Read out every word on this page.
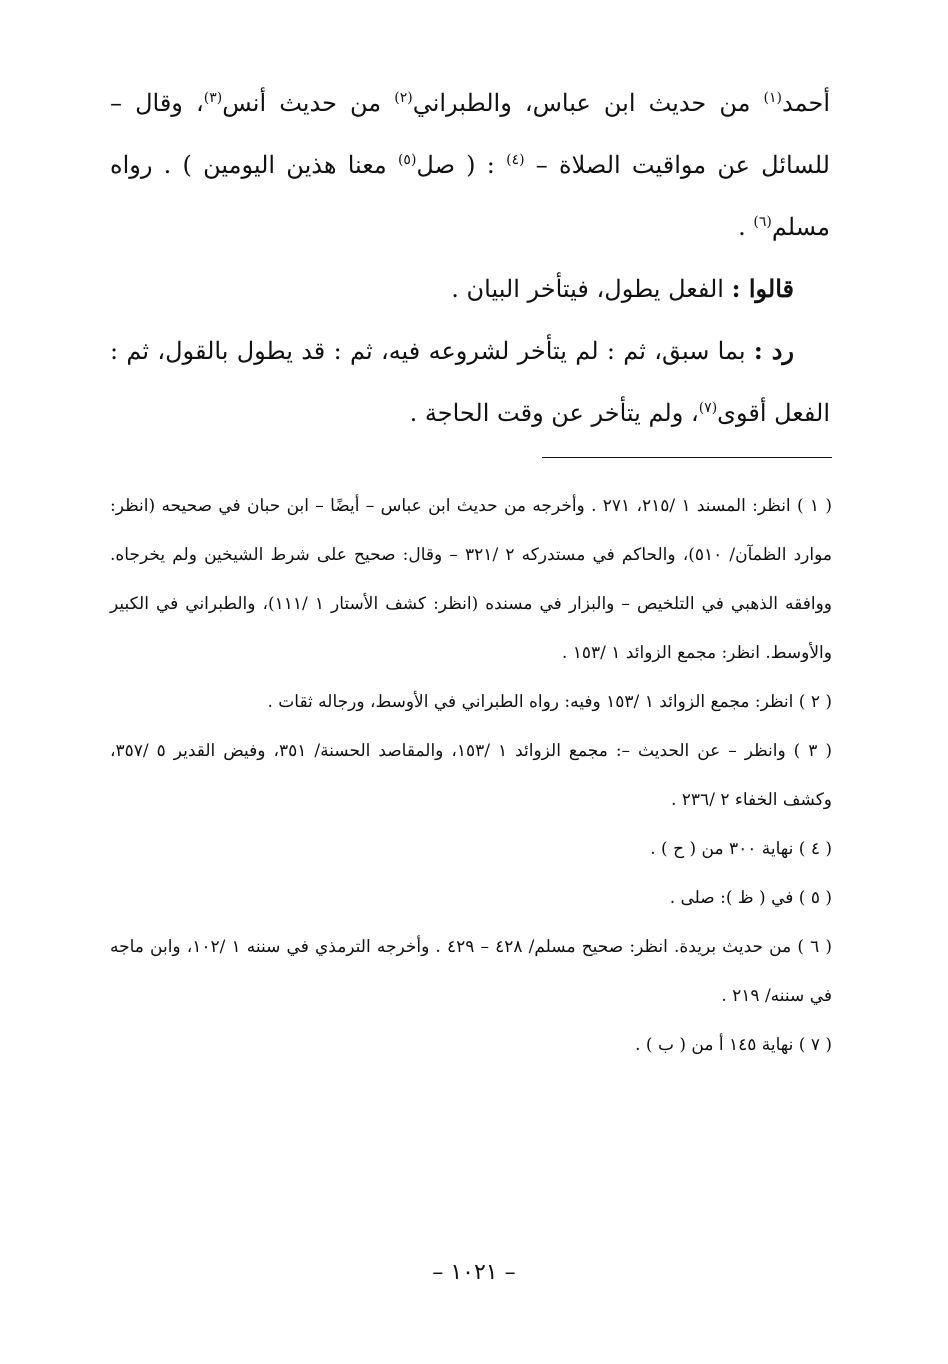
أحمد$^{(١)}$ من حديث ابن عباس، والطبراني$^{(٢)}$ من حديث أنس$^{(٣)}$، وقال – للسائل عن مواقيت الصلاة – $^{(٤)}$ : ( صل$^{(٥)}$ معنا هذين اليومين ) . رواه مسلم$^{(٦)}$ .

قالوا : الفعل يطول، فيتأخر البيان .

رد : بما سبق، ثم : لم يتأخر لشروعه فيه، ثم : قد يطول بالقول، ثم : الفعل أقوى$^{(٧)}$، ولم يتأخر عن وقت الحاجة .

( ١ ) انظر: المسند ١ /٢١٥، ٢٧١ . وأخرجه من حديث ابن عباس – أيضًا – ابن حبان في صحيحه (انظر: موارد الظمآن/ ٥١٠)، والحاكم في مستدركه ٢ /٣٢١ – وقال: صحيح على شرط الشيخين ولم يخرجاه. ووافقه الذهبي في التلخيص – والبزار في مسنده (انظر: كشف الأستار ١ /١١١)، والطبراني في الكبير والأوسط. انظر: مجمع الزوائد ١ /١٥٣ .

( ٢ ) انظر: مجمع الزوائد ١ /١٥٣ وفيه: رواه الطبراني في الأوسط، ورجاله ثقات .

( ٣ ) وانظر – عن الحديث –: مجمع الزوائد ١ /١٥٣، والمقاصد الحسنة/ ٣٥١، وفيض القدير ٥ /٣٥٧، وكشف الخفاء ٢ /٢٣٦ .

( ٤ ) نهاية ٣٠٠ من ( ح ) .

( ٥ ) في ( ظ ): صلى .

( ٦ ) من حديث بريدة. انظر: صحيح مسلم/ ٤٢٨ – ٤٢٩ . وأخرجه الترمذي في سننه ١ /١٠٢، وابن ماجه في سننه/ ٢١٩ .

( ٧ ) نهاية ١٤٥ أ من ( ب ) .

– ١٠٢١ –
